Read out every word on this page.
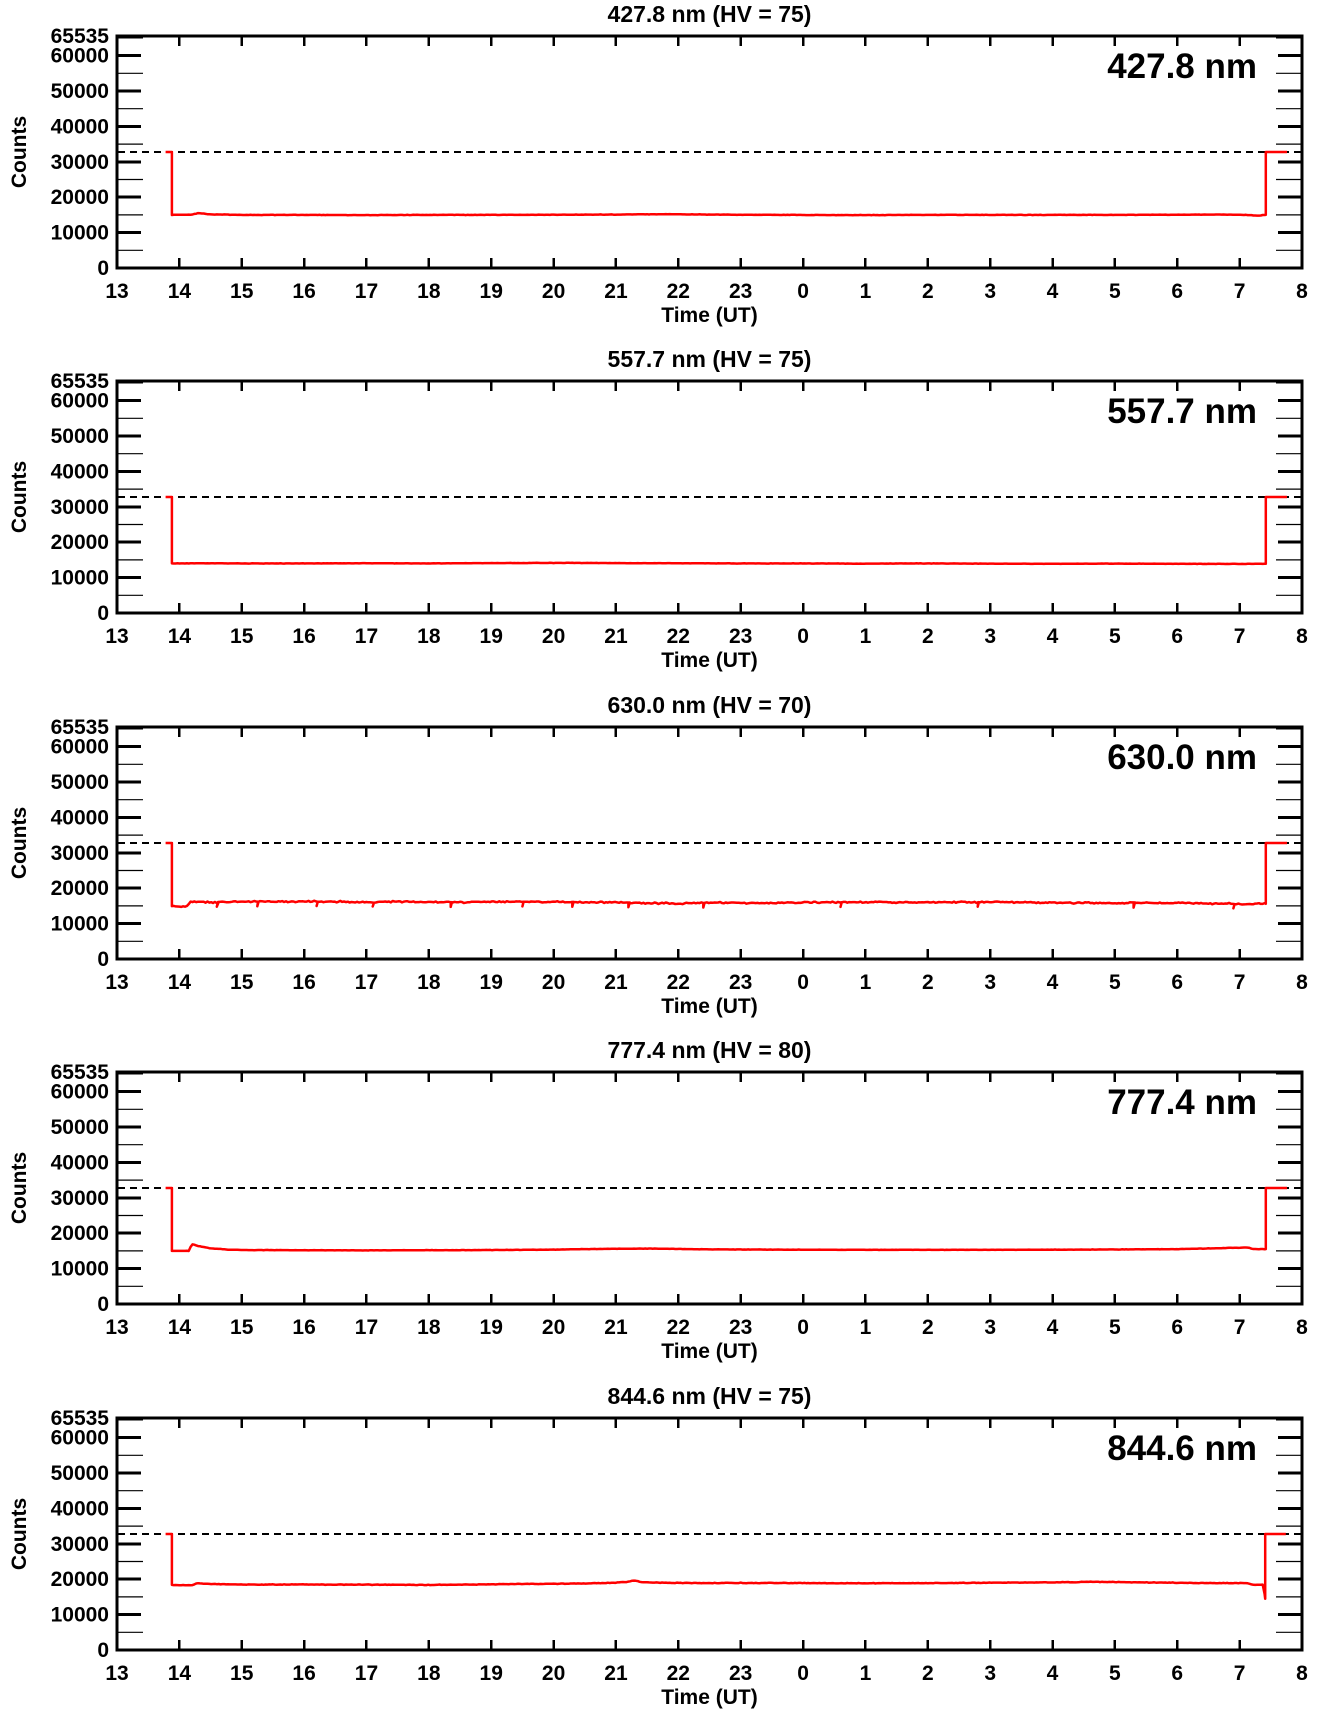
13 14 15 16 17 18 19 20 21 22 23 0 1 2 3 4 5 6 7 8
0
10000
20000
30000
40000
50000
60000
65535
427.8 nm (HV = 75)
427.8 nm
Time (UT)
Counts
13 14 15 16 17 18 19 20 21 22 23 0 1 2 3 4 5 6 7 8
0
10000
20000
30000
40000
50000
60000
65535
557.7 nm (HV = 75)
557.7 nm
Time (UT)
Counts
13 14 15 16 17 18 19 20 21 22 23 0 1 2 3 4 5 6 7 8
0
10000
20000
30000
40000
50000
60000
65535
630.0 nm (HV = 70)
630.0 nm
Time (UT)
Counts
13 14 15 16 17 18 19 20 21 22 23 0 1 2 3 4 5 6 7 8
0
10000
20000
30000
40000
50000
60000
65535
777.4 nm (HV = 80)
777.4 nm
Time (UT)
Counts
13 14 15 16 17 18 19 20 21 22 23 0 1 2 3 4 5 6 7 8
0
10000
20000
30000
40000
50000
60000
65535
844.6 nm (HV = 75)
844.6 nm
Time (UT)
Counts
